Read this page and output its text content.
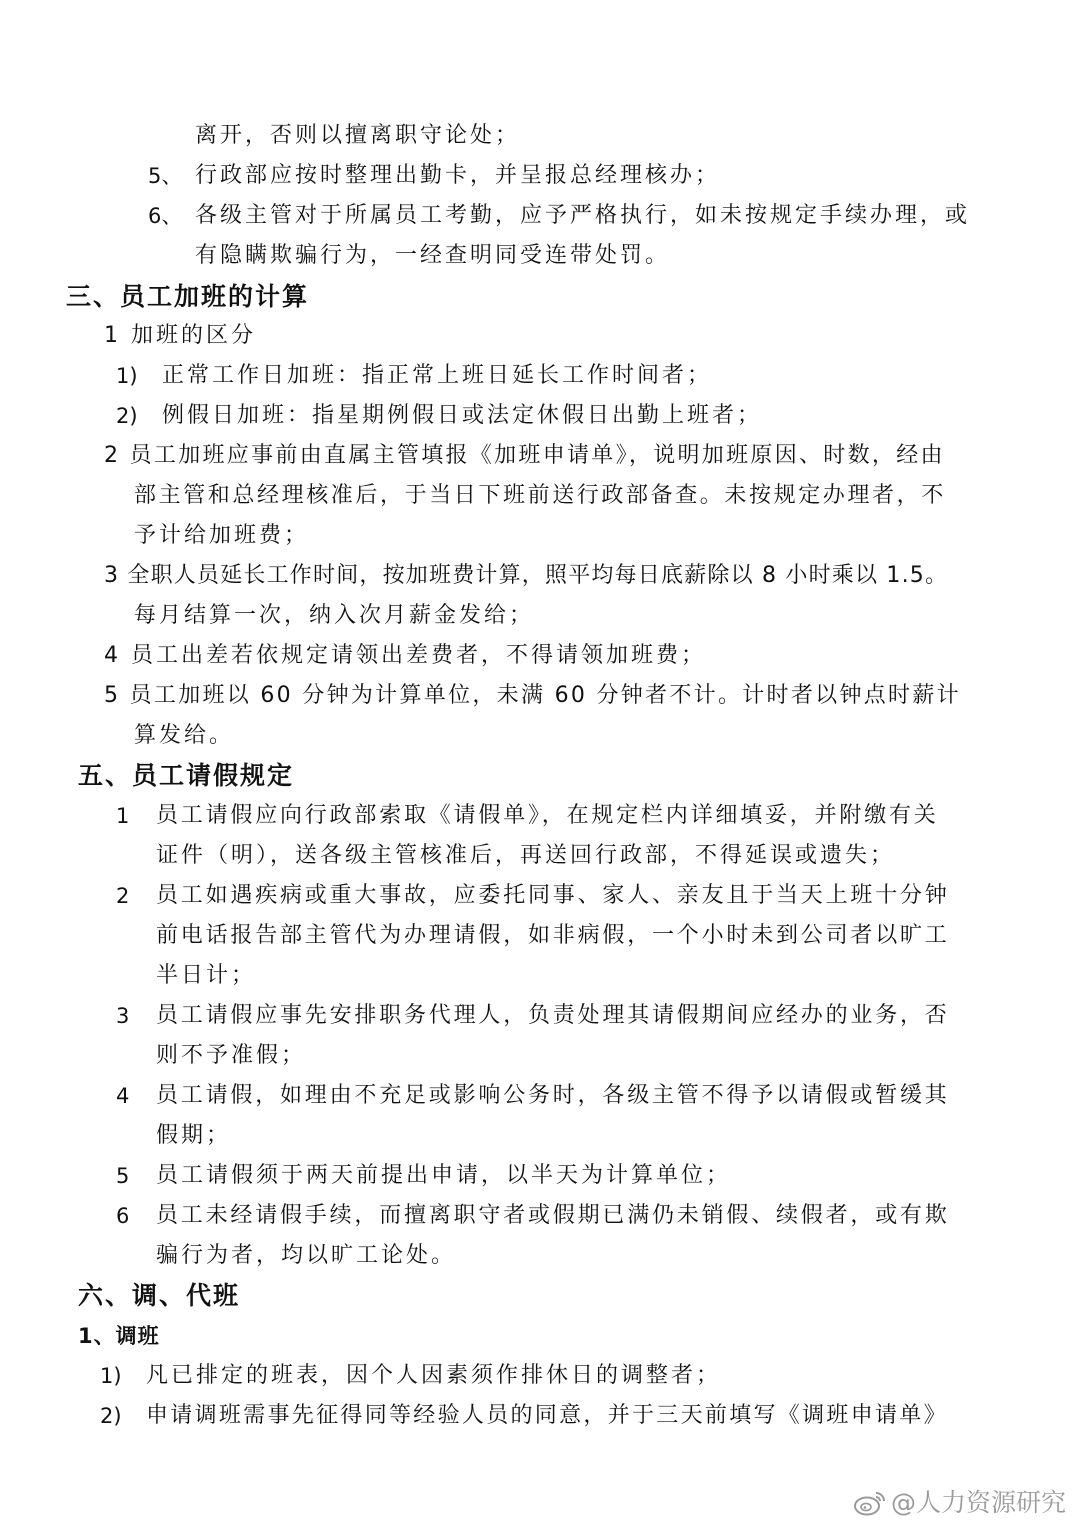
离开，否则以擅离职守论处；
5、 行政部应按时整理出勤卡，并呈报总经理核办；
6、 各级主管对于所属员工考勤，应予严格执行，如未按规定手续办理，或
有隐瞒欺骗行为，一经查明同受连带处罚。
三、员工加班的计算
1 加班的区分
1) 正常工作日加班：指正常上班日延长工作时间者；
2) 例假日加班：指星期例假日或法定休假日出勤上班者；
2 员工加班应事前由直属主管填报《加班申请单》，说明加班原因、时数，经由
部主管和总经理核准后，于当日下班前送行政部备查。未按规定办理者，不
予计给加班费；
3 全职人员延长工作时间，按加班费计算，照平均每日底薪除以 8 小时乘以 1.5。
每月结算一次，纳入次月薪金发给；
4 员工出差若依规定请领出差费者，不得请领加班费；
5 员工加班以 60 分钟为计算单位，未满 60 分钟者不计。计时者以钟点时薪计
算发给。
五、员工请假规定
1 员工请假应向行政部索取《请假单》，在规定栏内详细填妥，并附缴有关
证件（明），送各级主管核准后，再送回行政部，不得延误或遗失；
2 员工如遇疾病或重大事故，应委托同事、家人、亲友且于当天上班十分钟
前电话报告部主管代为办理请假，如非病假，一个小时未到公司者以旷工
半日计；
3 员工请假应事先安排职务代理人，负责处理其请假期间应经办的业务，否
则不予准假；
4 员工请假，如理由不充足或影响公务时，各级主管不得予以请假或暂缓其
假期；
5 员工请假须于两天前提出申请，以半天为计算单位；
6 员工未经请假手续，而擅离职守者或假期已满仍未销假、续假者，或有欺
骗行为者，均以旷工论处。
六、调、代班
1、调班
1) 凡已排定的班表，因个人因素须作排休日的调整者；
2) 申请调班需事先征得同等经验人员的同意，并于三天前填写《调班申请单》
@人力资源研究
